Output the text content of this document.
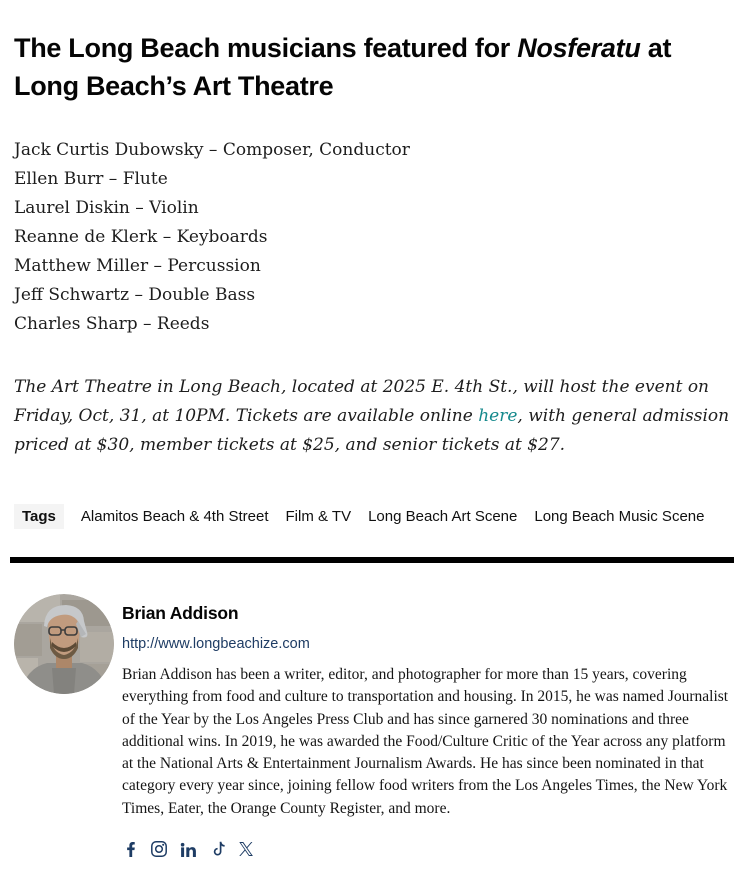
The Long Beach musicians featured for Nosferatu at Long Beach’s Art Theatre

Jack Curtis Dubowsky – Composer, Conductor

Ellen Burr – Flute

Laurel Diskin – Violin

Reanne de Klerk – Keyboards

Matthew Miller – Percussion

Jeff Schwartz – Double Bass

Charles Sharp – Reeds

The Art Theatre in Long Beach, located at 2025 E. 4th St., will host the event on Friday, Oct, 31, at 10PM. Tickets are available online here, with general admission priced at $30, member tickets at $25, and senior tickets at $27.

Tags	Alamitos Beach & 4th Street Film & TV Long Beach Art Scene Long Beach Music Scene
Brian Addison
http://www.longbeachize.com

Brian Addison has been a writer, editor, and photographer for more than 15 years, covering everything from food and culture to transportation and housing. In 2015, he was named Journalist of the Year by the Los Angeles Press Club and has since garnered 30 nominations and three additional wins. In 2019, he was awarded the Food/Culture Critic of the Year across any platform at the National Arts & Entertainment Journalism Awards. He has since been nominated in that category every year since, joining fellow food writers from the Los Angeles Times, the New York Times, Eater, the Orange County Register, and more.
